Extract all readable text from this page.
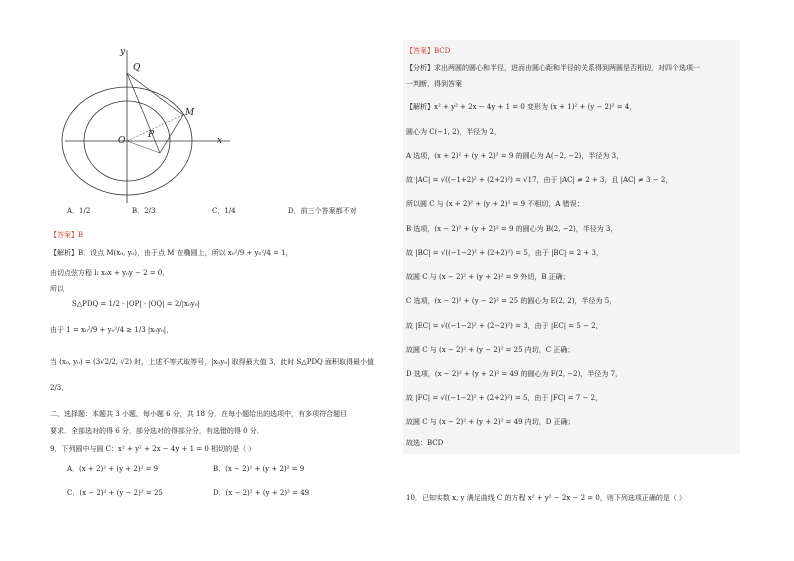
y
Q
M
O
P
x
A．1/2	B．2/3	C．1/4	D．前三个答案都不对
【答案】B
【解析】B．设点 M(x₀, y₀)，由于点 M 在椭圆上，所以 x₀²/9 + y₀²/4 = 1，
由切点弦方程 l: x₀x + y₀y − 2 = 0，
所以
S△PDQ = 1/2 · |OP| · |OQ| = 2/|x₀y₀|
由于 1 = x₀²/9 + y₀²/4 ≥ 1/3 |x₀y₀|，
当 (x₀, y₀) = (3√2/2, √2) 时，上述不等式取等号，|x₀y₀| 取得最大值 3，此时 S△PDQ 面积取得最小值
2/3．
二、选择题：本题共 3 小题，每小题 6 分，共 18 分．在每小题给出的选项中，有多项符合题目
要求．全部选对的得 6 分，部分选对的得部分分，有选错的得 0 分．
9．下列圆中与圆 C：x² + y² + 2x − 4y + 1 = 0 相切的是（ ）
A．(x + 2)² + (y + 2)² = 9	B．(x − 2)² + (y + 2)² = 9
C．(x − 2)² + (y − 2)² = 25	D．(x − 2)² + (y + 2)² = 49
【答案】BCD
【分析】求出两圆的圆心和半径，进而由圆心距和半径的关系得到两圆是否相切，对四个选项一
一判断，得到答案
【解析】x² + y² + 2x − 4y + 1 = 0 变形为 (x + 1)² + (y − 2)² = 4，
圆心为 C(−1, 2)，半径为 2，
A 选项，(x + 2)² + (y + 2)² = 9 的圆心为 A(−2, −2)，半径为 3，
故 |AC| = √((−1+2)² + (2+2)²) = √17，由于 |AC| ≠ 2 + 3，且 |AC| ≠ 3 − 2，
所以圆 C 与 (x + 2)² + (y + 2)² = 9 不相切，A 错误；
B 选项，(x − 2)² + (y + 2)² = 9 的圆心为 B(2, −2)，半径为 3，
故 |BC| = √((−1−2)² + (2+2)²) = 5，由于 |BC| = 2 + 3，
故圆 C 与 (x − 2)² + (y + 2)² = 9 外切，B 正确；
C 选项，(x − 2)² + (y − 2)² = 25 的圆心为 E(2, 2)，半径为 5，
故 |EC| = √((−1−2)² + (2−2)²) = 3，由于 |EC| = 5 − 2，
故圆 C 与 (x − 2)² + (y − 2)² = 25 内切，C 正确；
D 选项，(x − 2)² + (y + 2)² = 49 的圆心为 F(2, −2)，半径为 7，
故 |FC| = √((−1−2)² + (2+2)²) = 5，由于 |FC| = 7 − 2，
故圆 C 与 (x − 2)² + (y + 2)² = 49 内切，D 正确；
故选：BCD
10．已知实数 x, y 满足曲线 C 的方程 x² + y² − 2x − 2 = 0，则下列选项正确的是（ ）
